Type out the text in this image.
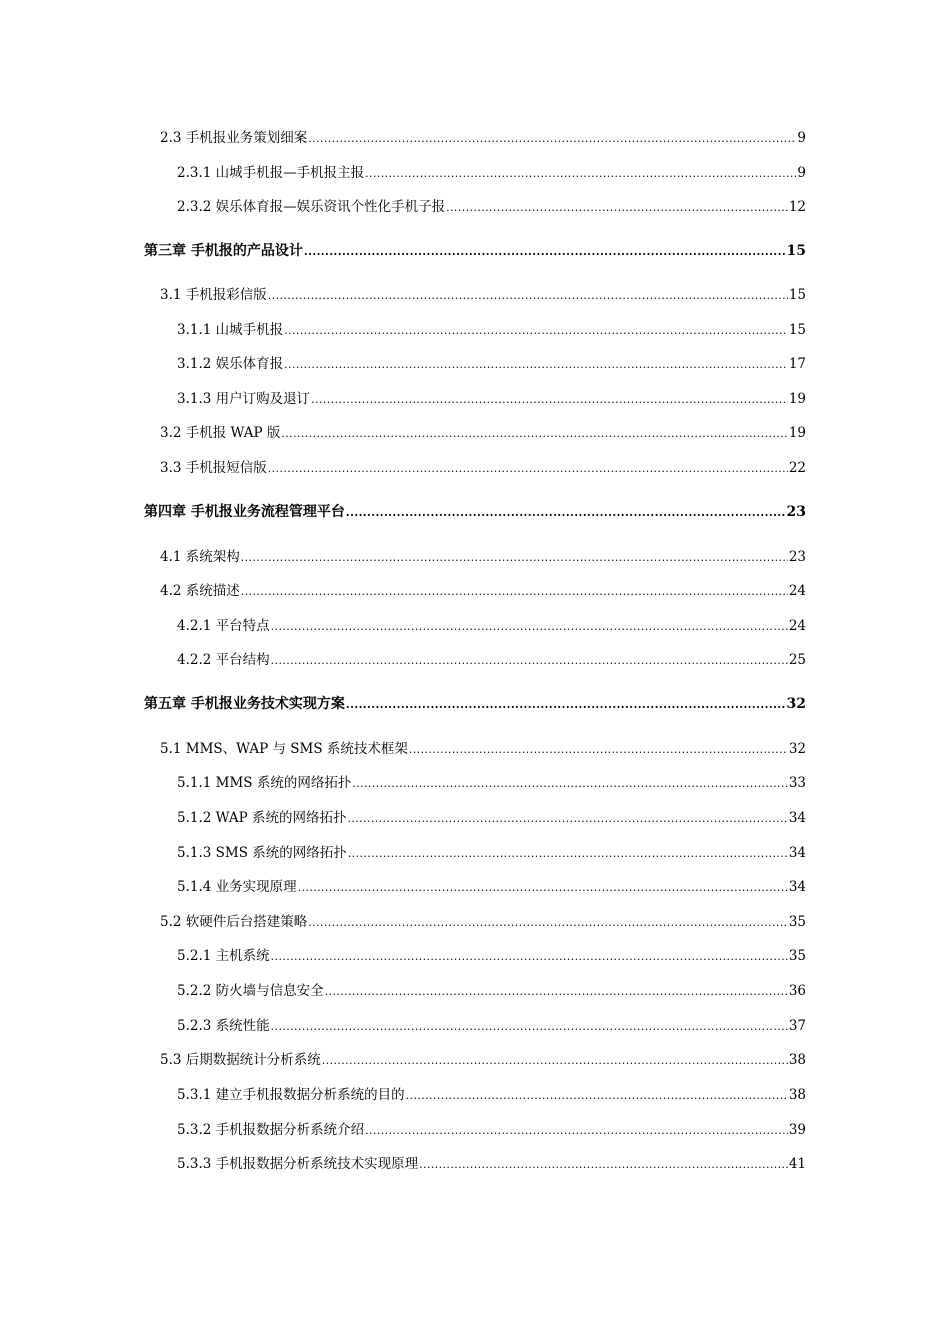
2.3 手机报业务策划细案 .....	9
2.3.1 山城手机报—手机报主报 .....	9
2.3.2 娱乐体育报—娱乐资讯个性化手机子报 .....	12
第三章 手机报的产品设计 .....	15
3.1 手机报彩信版 .....	15
3.1.1 山城手机报 .....	15
3.1.2 娱乐体育报 .....	17
3.1.3 用户订购及退订 .....	19
3.2 手机报 WAP 版 .....	19
3.3 手机报短信版 .....	22
第四章 手机报业务流程管理平台 .....	23
4.1 系统架构 .....	23
4.2 系统描述 .....	24
4.2.1 平台特点 .....	24
4.2.2 平台结构 .....	25
第五章 手机报业务技术实现方案 .....	32
5.1 MMS、WAP 与 SMS 系统技术框架 .....	32
5.1.1 MMS 系统的网络拓扑 .....	33
5.1.2 WAP 系统的网络拓扑 .....	34
5.1.3 SMS 系统的网络拓扑 .....	34
5.1.4 业务实现原理 .....	34
5.2 软硬件后台搭建策略 .....	35
5.2.1 主机系统 .....	35
5.2.2 防火墙与信息安全 .....	36
5.2.3 系统性能 .....	37
5.3 后期数据统计分析系统 .....	38
5.3.1 建立手机报数据分析系统的目的 .....	38
5.3.2 手机报数据分析系统介绍 .....	39
5.3.3 手机报数据分析系统技术实现原理 .....	41
